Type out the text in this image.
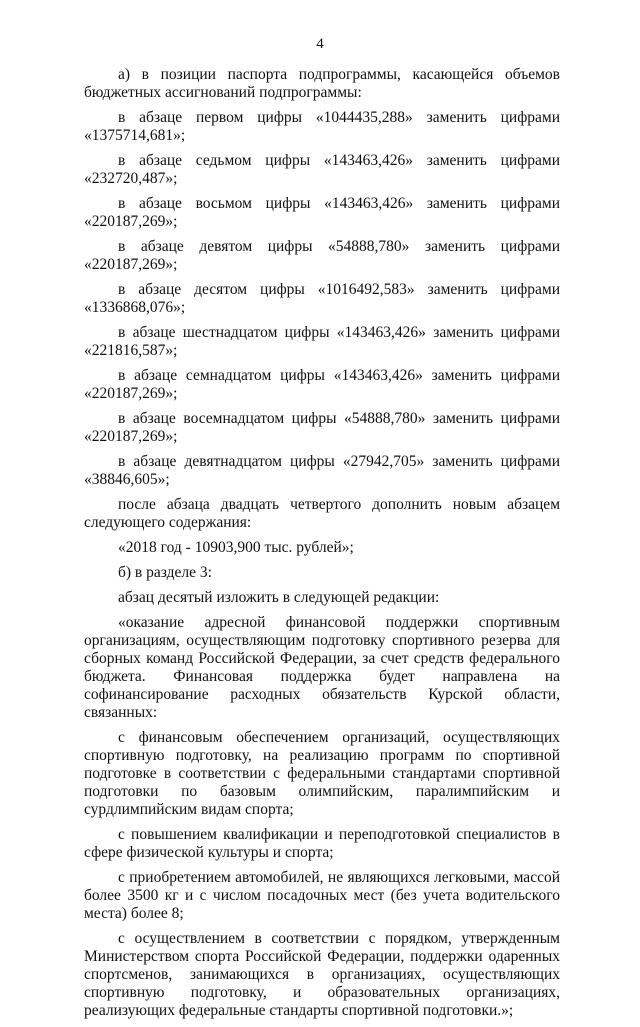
4

а) в позиции паспорта подпрограммы, касающейся объемов бюджетных ассигнований подпрограммы:

в абзаце первом цифры «1044435,288» заменить цифрами «1375714,681»;

в абзаце седьмом цифры «143463,426» заменить цифрами «232720,487»;

в абзаце восьмом цифры «143463,426» заменить цифрами «220187,269»;

в абзаце девятом цифры «54888,780» заменить цифрами «220187,269»;

в абзаце десятом цифры «1016492,583» заменить цифрами «1336868,076»;

в абзаце шестнадцатом цифры «143463,426» заменить цифрами «221816,587»;

в абзаце семнадцатом цифры «143463,426» заменить цифрами «220187,269»;

в абзаце восемнадцатом цифры «54888,780» заменить цифрами «220187,269»;

в абзаце девятнадцатом цифры «27942,705» заменить цифрами «38846,605»;

после абзаца двадцать четвертого дополнить новым абзацем следующего содержания:

«2018 год - 10903,900 тыс. рублей»;

б) в разделе 3:

абзац десятый изложить в следующей редакции:

«оказание адресной финансовой поддержки спортивным организациям, осуществляющим подготовку спортивного резерва для сборных команд Российской Федерации, за счет средств федерального бюджета. Финансовая поддержка будет направлена на софинансирование расходных обязательств Курской области, связанных:

с финансовым обеспечением организаций, осуществляющих спортивную подготовку, на реализацию программ по спортивной подготовке в соответствии с федеральными стандартами спортивной подготовки по базовым олимпийским, паралимпийским и сурдлимпийским видам спорта;

с повышением квалификации и переподготовкой специалистов в сфере физической культуры и спорта;

с приобретением автомобилей, не являющихся легковыми, массой более 3500 кг и с числом посадочных мест (без учета водительского места) более 8;

с осуществлением в соответствии с порядком, утвержденным Министерством спорта Российской Федерации, поддержки одаренных спортсменов, занимающихся в организациях, осуществляющих спортивную подготовку, и образовательных организациях, реализующих федеральные стандарты спортивной подготовки.»;
